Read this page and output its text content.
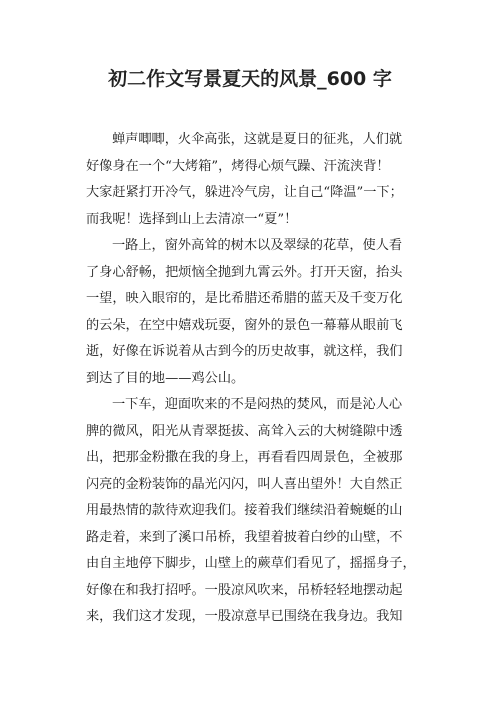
初二作文写景夏天的风景_600 字
蝉声唧唧，火伞高张，这就是夏日的征兆，人们就
好像身在一个“大烤箱”，烤得心烦气躁、汗流浃背！
大家赶紧打开冷气，躲进冷气房，让自己“降温”一下；
而我呢！选择到山上去清凉一“夏”！
一路上，窗外高耸的树木以及翠绿的花草，使人看
了身心舒畅，把烦恼全抛到九霄云外。打开天窗，抬头
一望，映入眼帘的，是比希腊还希腊的蓝天及千变万化
的云朵，在空中嬉戏玩耍，窗外的景色一幕幕从眼前飞
逝，好像在诉说着从古到今的历史故事，就这样，我们
到达了目的地——鸡公山。
一下车，迎面吹来的不是闷热的焚风，而是沁人心
脾的微风，阳光从青翠挺拔、高耸入云的大树缝隙中透
出，把那金粉撒在我的身上，再看看四周景色，全被那
闪亮的金粉装饰的晶光闪闪，叫人喜出望外！大自然正
用最热情的款待欢迎我们。接着我们继续沿着蜿蜒的山
路走着，来到了溪口吊桥，我望着披着白纱的山壁，不
由自主地停下脚步，山壁上的蕨草们看见了，摇摇身子，
好像在和我打招呼。一股凉风吹来，吊桥轻轻地摆动起
来，我们这才发现，一股凉意早已围绕在我身边。我知
